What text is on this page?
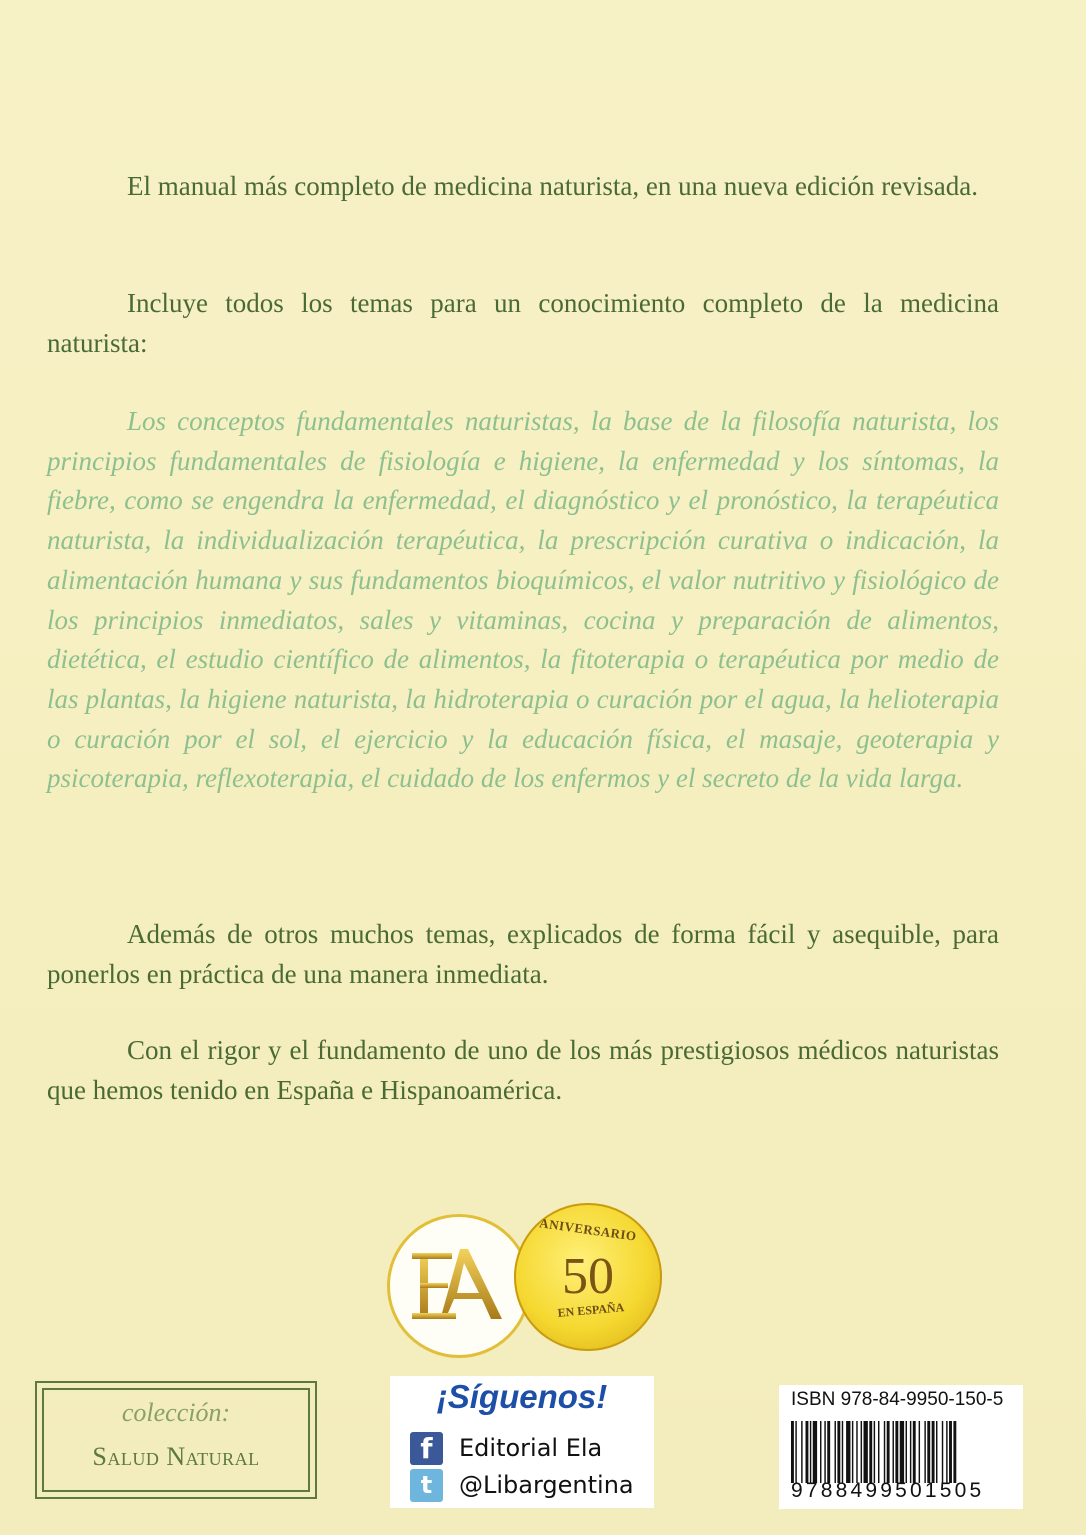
El manual más completo de medicina naturista, en una nueva edición revisada.

Incluye todos los temas para un conocimiento completo de la medicina naturista:

Los conceptos fundamentales naturistas, la base de la filosofía naturista, los principios fundamentales de fisiología e higiene, la enfermedad y los síntomas, la fiebre, como se engendra la enfermedad, el diagnóstico y el pronóstico, la terapéutica naturista, la individualización terapéutica, la prescripción curativa o indicación, la alimentación humana y sus fundamentos bioquímicos, el valor nutritivo y fisiológico de los principios inmediatos, sales y vitaminas, cocina y preparación de alimentos, dietética, el estudio científico de alimentos, la fitoterapia o terapéutica por medio de las plantas, la higiene naturista, la hidroterapia o curación por el agua, la helioterapia o curación por el sol, el ejercicio y la educación física, el masaje, geoterapia y psicoterapia, reflexoterapia, el cuidado de los enfermos y el secreto de la vida larga.

Además de otros muchos temas, explicados de forma fácil y asequible, para ponerlos en práctica de una manera inmediata.

Con el rigor y el fundamento de uno de los más prestigiosos médicos naturistas que hemos tenido en España e Hispanoamérica.

ANIVERSARIO
50
EN ESPAÑA
colección:
Salud Natural
¡Síguenos!
f	Editorial Ela
t	@Libargentina
ISBN 978-84-9950-150-5
9788499501505
